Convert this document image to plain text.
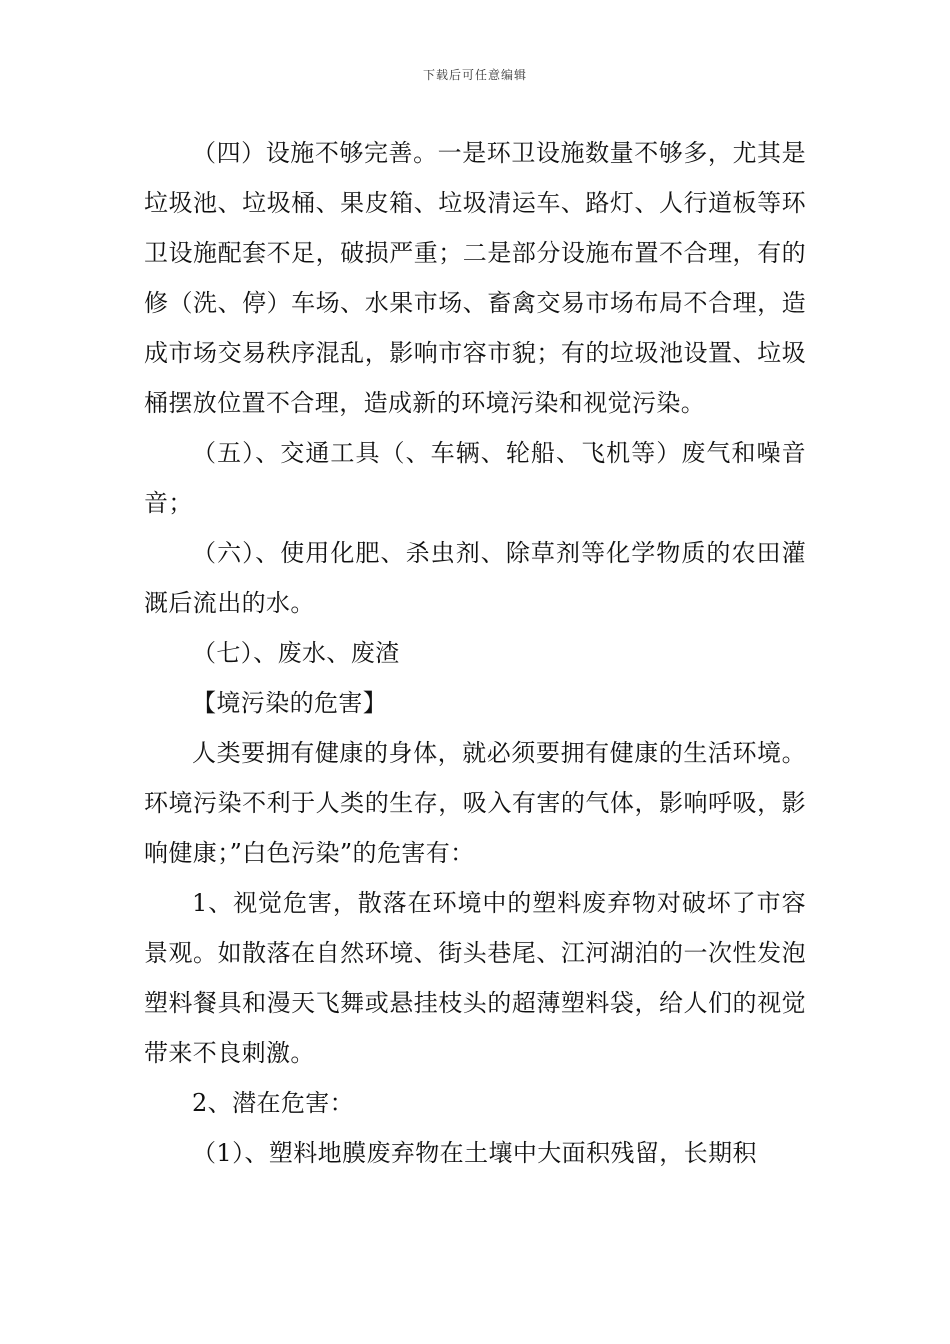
下载后可任意编辑

（四）设施不够完善。一是环卫设施数量不够多，尤其是垃圾池、垃圾桶、果皮箱、垃圾清运车、路灯、人行道板等环卫设施配套不足，破损严重；二是部分设施布置不合理，有的修（洗、停）车场、水果市场、畜禽交易市场布局不合理，造成市场交易秩序混乱，影响市容市貌；有的垃圾池设置、垃圾桶摆放位置不合理，造成新的环境污染和视觉污染。

（五）、交通工具（、车辆、轮船、飞机等）废气和噪音音；

（六）、使用化肥、杀虫剂、除草剂等化学物质的农田灌溉后流出的水。

（七）、废水、废渣

【境污染的危害】

人类要拥有健康的身体，就必须要拥有健康的生活环境。环境污染不利于人类的生存，吸入有害的气体，影响呼吸，影响健康；”白色污染”的危害有：

1、视觉危害，散落在环境中的塑料废弃物对破坏了市容景观。如散落在自然环境、街头巷尾、江河湖泊的一次性发泡塑料餐具和漫天飞舞或悬挂枝头的超薄塑料袋，给人们的视觉带来不良刺激。

2、潜在危害：

（1）、塑料地膜废弃物在土壤中大面积残留，长期积
